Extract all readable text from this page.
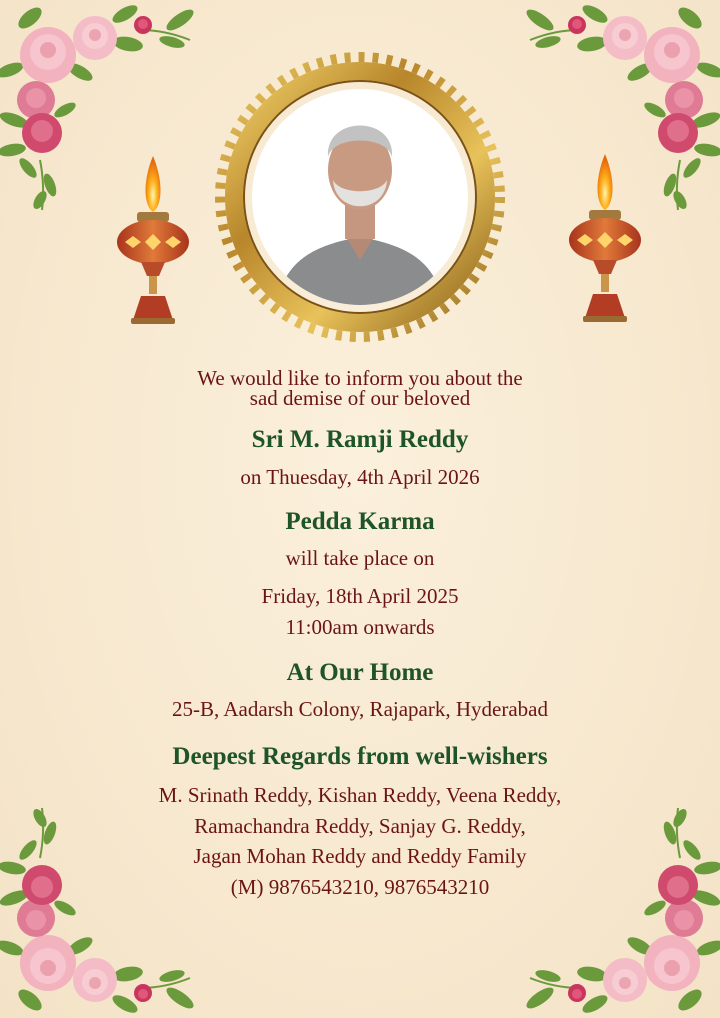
We would like to inform you about the
sad demise of our beloved
Sri M. Ramji Reddy
on Thuesday, 4th April 2026
Pedda Karma
will take place on
Friday, 18th April 2025
11:00am onwards
At Our Home
25-B, Aadarsh Colony, Rajapark, Hyderabad
Deepest Regards from well-wishers
M. Srinath Reddy, Kishan Reddy, Veena Reddy,
Ramachandra Reddy, Sanjay G. Reddy,
Jagan Mohan Reddy and Reddy Family
(M) 9876543210, 9876543210
